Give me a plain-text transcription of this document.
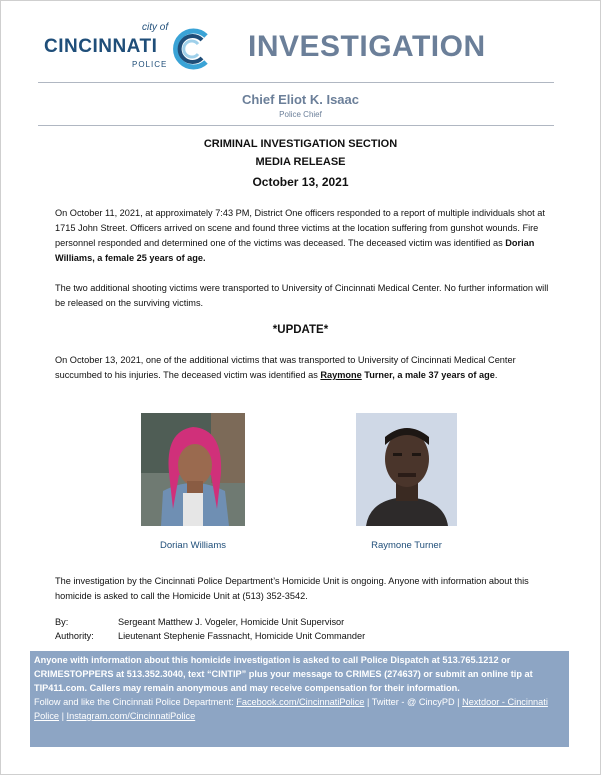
city of
CINCINNATI
POLICE
INVESTIGATION
Chief Eliot K. Isaac
Police Chief
CRIMINAL INVESTIGATION SECTION
MEDIA RELEASE
October 13, 2021
On October 11, 2021, at approximately 7:43 PM, District One officers responded to a report of multiple individuals shot at 1715 John Street. Officers arrived on scene and found three victims at the location suffering from gunshot wounds. Fire personnel responded and determined one of the victims was deceased. The deceased victim was identified as Dorian Williams, a female 25 years of age.
The two additional shooting victims were transported to University of Cincinnati Medical Center. No further information will be released on the surviving victims.
*UPDATE*
On October 13, 2021, one of the additional victims that was transported to University of Cincinnati Medical Center succumbed to his injuries. The deceased victim was identified as Raymone Turner, a male 37 years of age.
Dorian Williams	Raymone Turner
The investigation by the Cincinnati Police Department’s Homicide Unit is ongoing. Anyone with information about this homicide is asked to call the Homicide Unit at (513) 352-3542.
By:	Sergeant Matthew J. Vogeler, Homicide Unit Supervisor
Authority:	Lieutenant Stephenie Fassnacht, Homicide Unit Commander
Anyone with information about this homicide investigation is asked to call Police Dispatch at 513.765.1212 or CRIMESTOPPERS at 513.352.3040, text “CINTIP” plus your message to CRIMES (274637) or submit an online tip at TIP411.com. Callers may remain anonymous and may receive compensation for their information.
Follow and like the Cincinnati Police Department: Facebook.com/CincinnatiPolice | Twitter - @ CincyPD | Nextdoor - Cincinnati Police | Instagram.com/CincinnatiPolice
